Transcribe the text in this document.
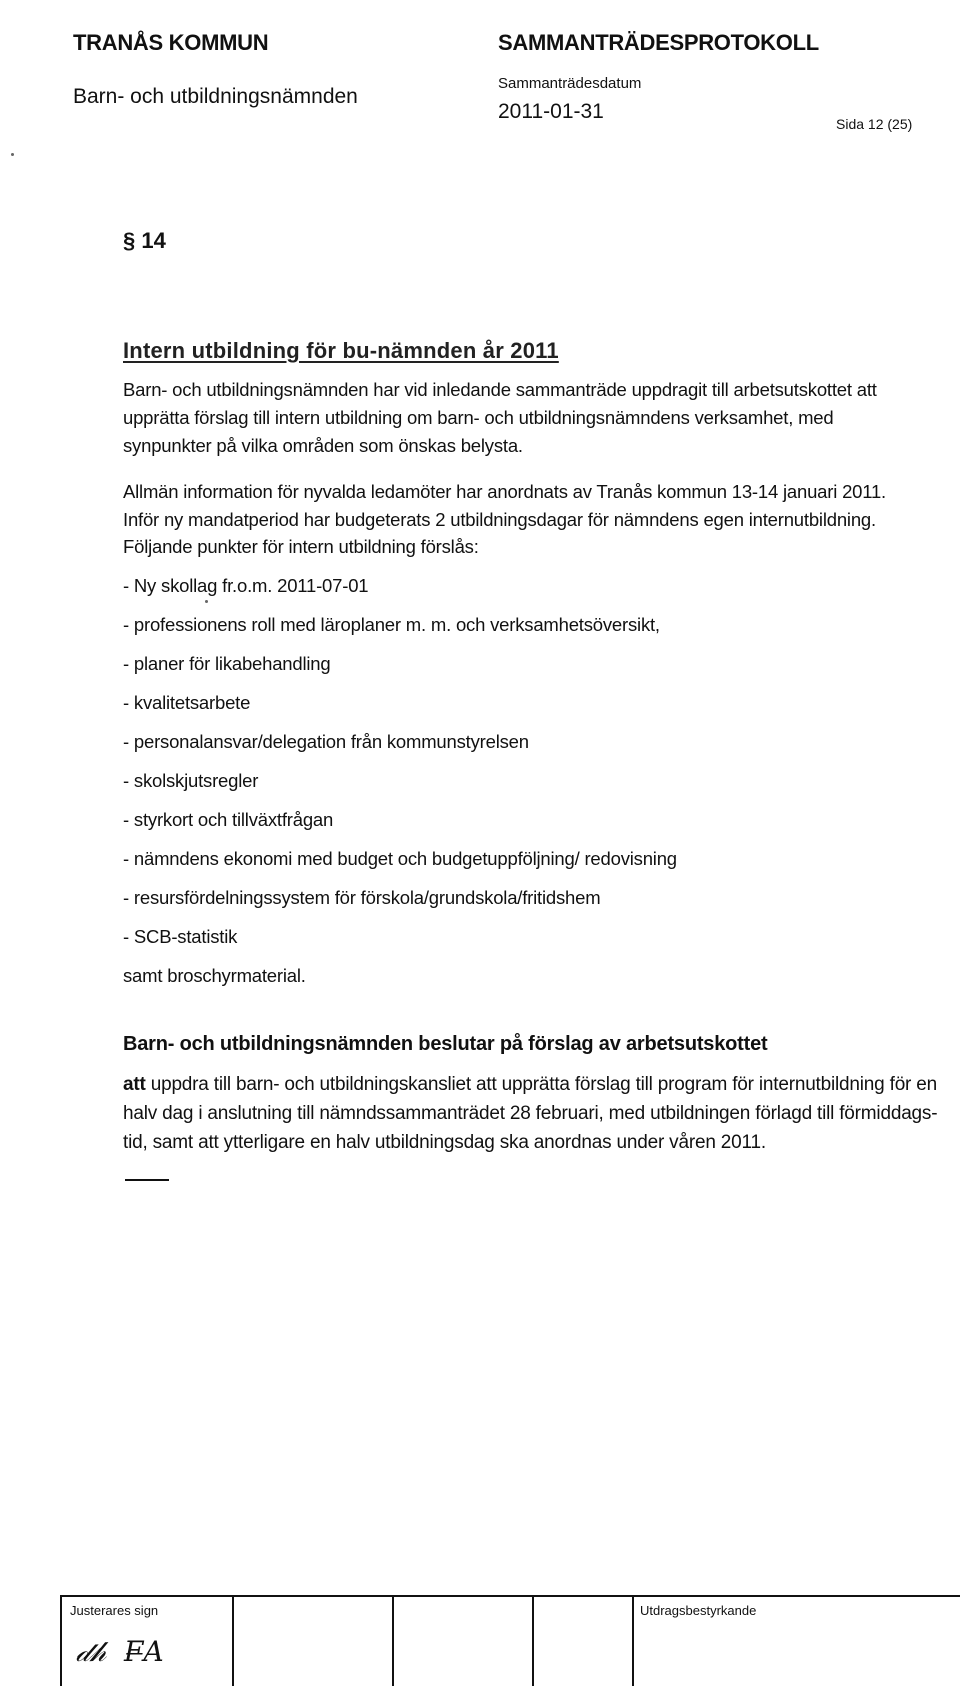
TRANÅS KOMMUN
Barn- och utbildningsnämnden
SAMMANTRÄDESPROTOKOLL
Sammanträdesdatum
2011-01-31
Sida 12 (25)
§ 14
Intern utbildning för bu-nämnden år 2011
Barn- och utbildningsnämnden har vid inledande sammanträde uppdragit till arbetsutskottet att upprätta förslag till intern utbildning om barn- och utbildningsnämndens verksamhet, med synpunkter på vilka områden som önskas belysta.
Allmän information för nyvalda ledamöter har anordnats av Tranås kommun 13-14 januari 2011.
Inför ny mandatperiod har budgeterats 2 utbildningsdagar för nämndens egen internutbildning.
Följande punkter för intern utbildning förslås:
- Ny skollag fr.o.m. 2011-07-01
- professionens roll med läroplaner m. m. och verksamhetsöversikt,
- planer för likabehandling
- kvalitetsarbete
- personalansvar/delegation från kommunstyrelsen
- skolskjutsregler
- styrkort och tillväxtfrågan
- nämndens ekonomi med budget och budgetuppföljning/ redovisning
- resursfördelningssystem för förskola/grundskola/fritidshem
- SCB-statistik
samt broschyrmaterial.
Barn- och utbildningsnämnden beslutar på förslag av arbetsutskottet
att uppdra till barn- och utbildningskansliet att upprätta förslag till program för internutbildning för en halv dag i anslutning till nämndssammanträdet 28 februari, med utbildningen förlagd till förmiddags-tid, samt att ytterligare en halv utbildningsdag ska anordnas under våren 2011.
Justerares sign
𝒹𝒽  F̶A
Utdragsbestyrkande
